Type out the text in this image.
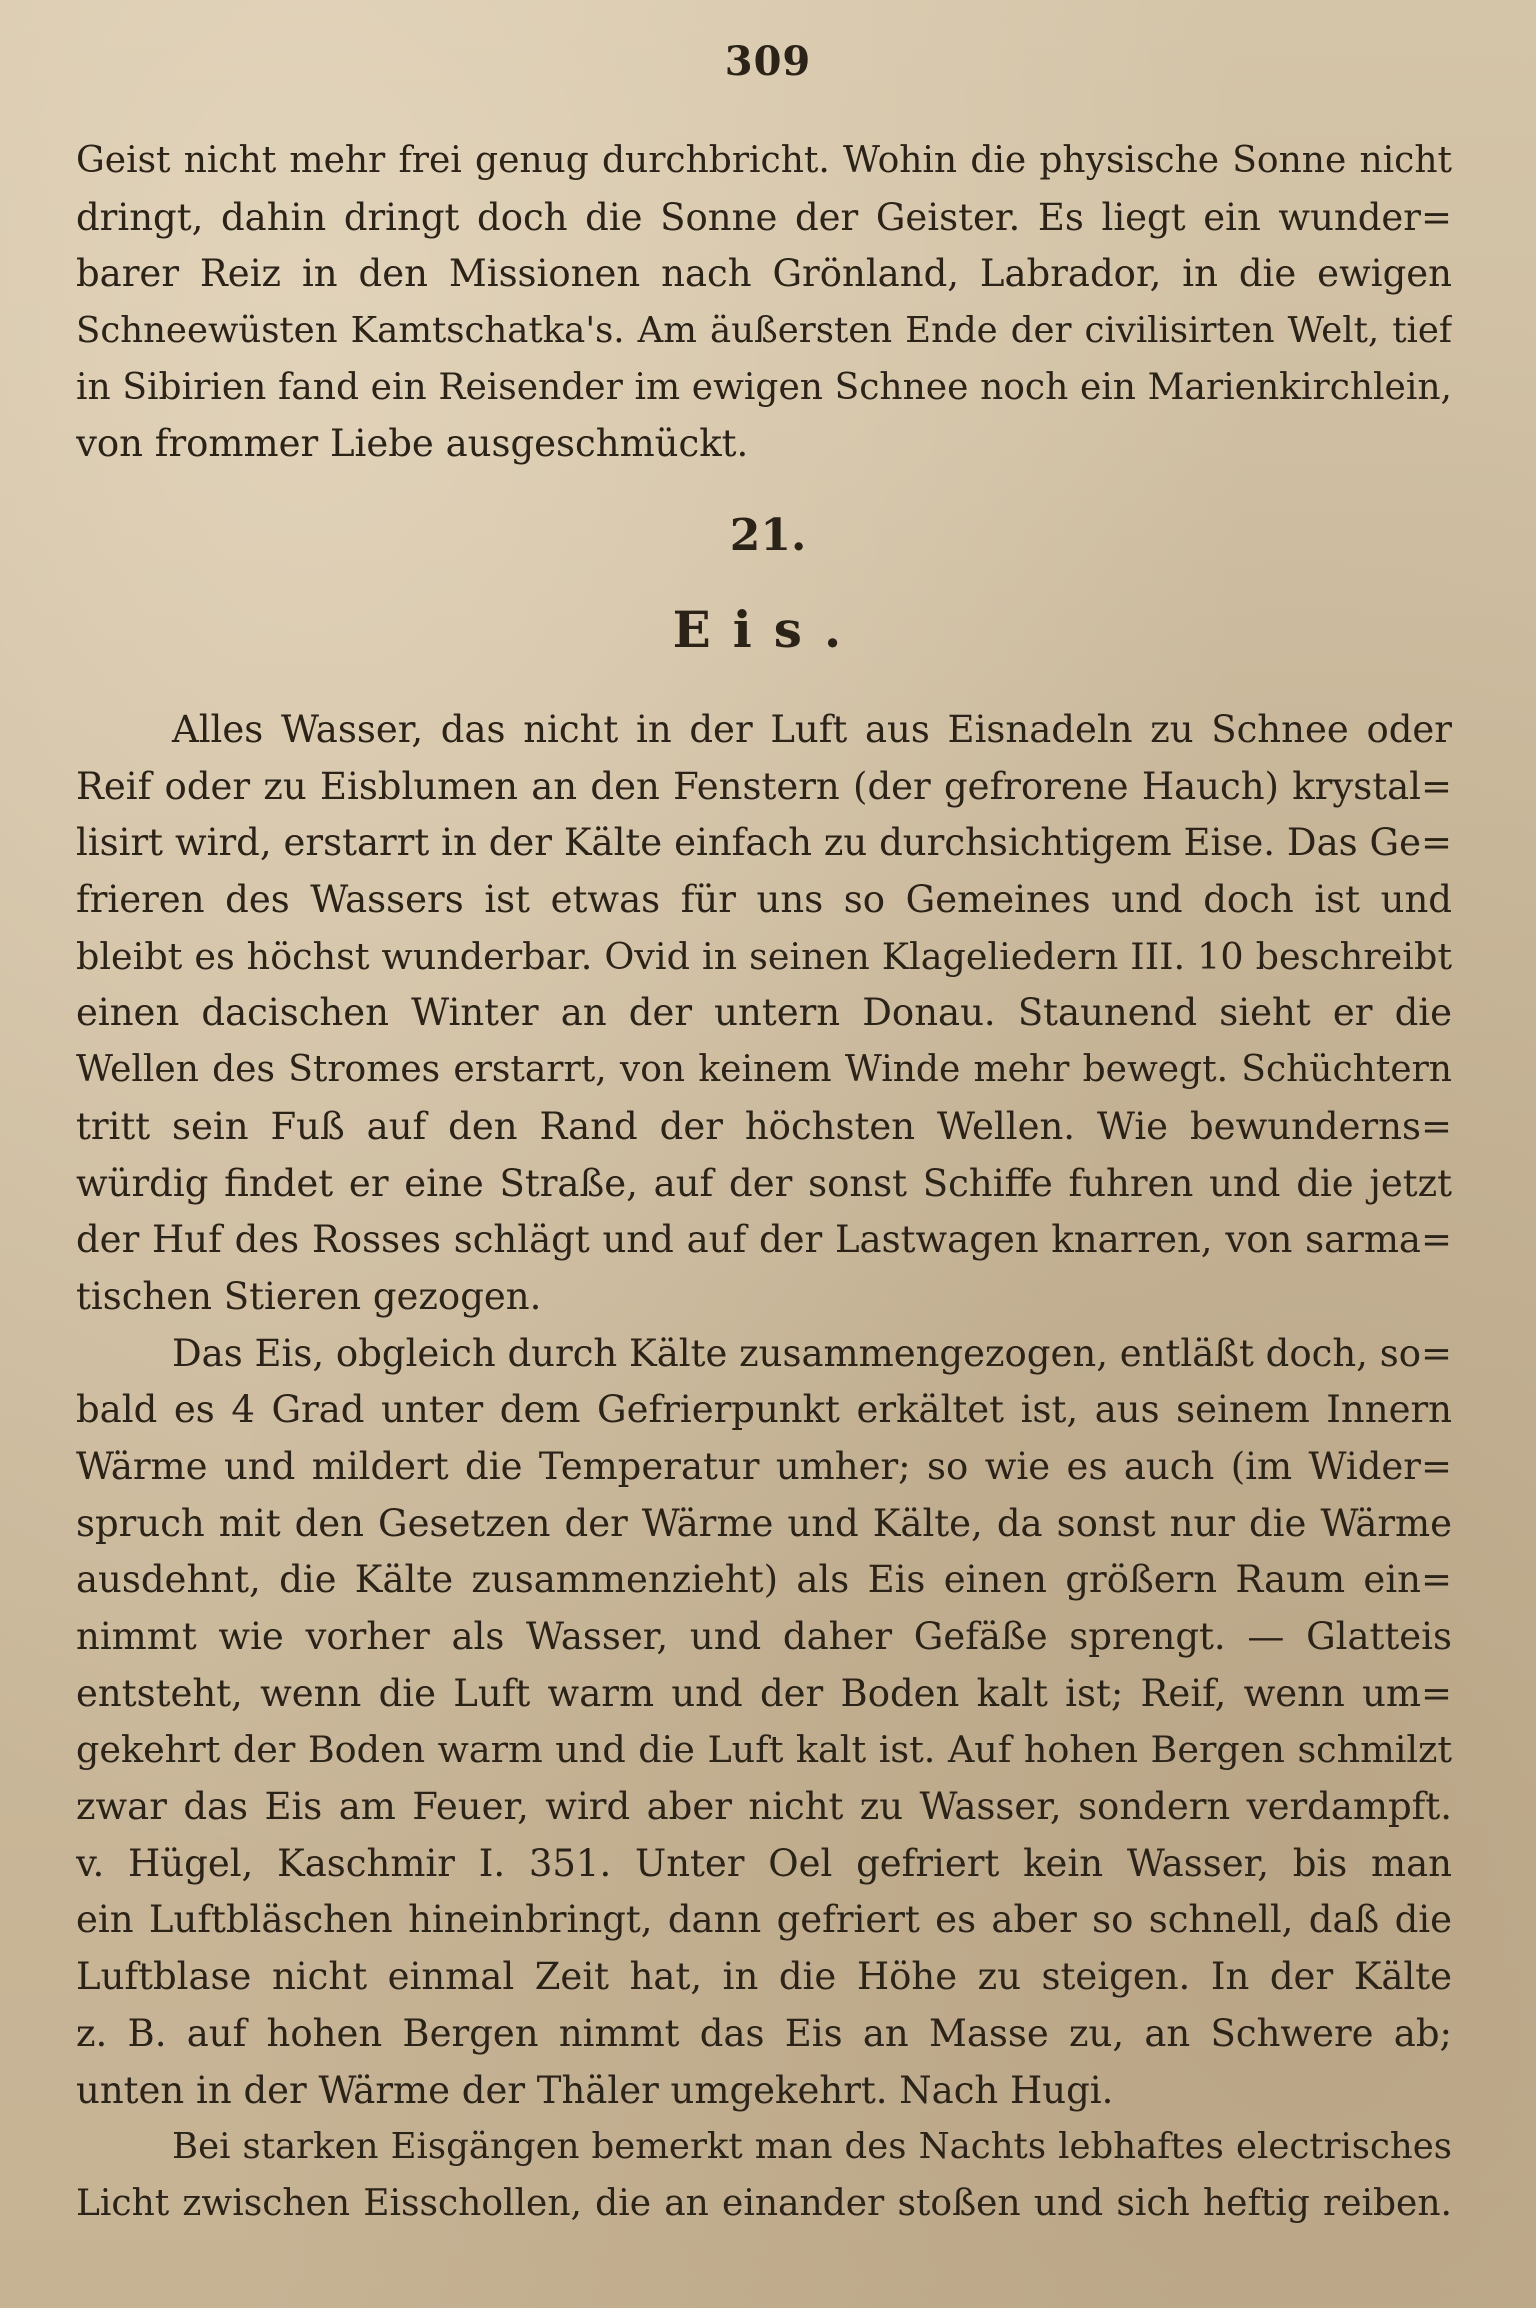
309
Geist nicht mehr frei genug durchbricht. Wohin die physische Sonne nicht
dringt, dahin dringt doch die Sonne der Geister. Es liegt ein wunder=
barer Reiz in den Missionen nach Grönland, Labrador, in die ewigen
Schneewüsten Kamtschatka's. Am äußersten Ende der civilisirten Welt, tief
in Sibirien fand ein Reisender im ewigen Schnee noch ein Marienkirchlein,
von frommer Liebe ausgeschmückt.
21.
Eis.
Alles Wasser, das nicht in der Luft aus Eisnadeln zu Schnee oder
Reif oder zu Eisblumen an den Fenstern (der gefrorene Hauch) krystal=
lisirt wird, erstarrt in der Kälte einfach zu durchsichtigem Eise. Das Ge=
frieren des Wassers ist etwas für uns so Gemeines und doch ist und
bleibt es höchst wunderbar. Ovid in seinen Klageliedern III. 10 beschreibt
einen dacischen Winter an der untern Donau. Staunend sieht er die
Wellen des Stromes erstarrt, von keinem Winde mehr bewegt. Schüchtern
tritt sein Fuß auf den Rand der höchsten Wellen. Wie bewunderns=
würdig findet er eine Straße, auf der sonst Schiffe fuhren und die jetzt
der Huf des Rosses schlägt und auf der Lastwagen knarren, von sarma=
tischen Stieren gezogen.
Das Eis, obgleich durch Kälte zusammengezogen, entläßt doch, so=
bald es 4 Grad unter dem Gefrierpunkt erkältet ist, aus seinem Innern
Wärme und mildert die Temperatur umher; so wie es auch (im Wider=
spruch mit den Gesetzen der Wärme und Kälte, da sonst nur die Wärme
ausdehnt, die Kälte zusammenzieht) als Eis einen größern Raum ein=
nimmt wie vorher als Wasser, und daher Gefäße sprengt. — Glatteis
entsteht, wenn die Luft warm und der Boden kalt ist; Reif, wenn um=
gekehrt der Boden warm und die Luft kalt ist. Auf hohen Bergen schmilzt
zwar das Eis am Feuer, wird aber nicht zu Wasser, sondern verdampft.
v. Hügel, Kaschmir I. 351. Unter Oel gefriert kein Wasser, bis man
ein Luftbläschen hineinbringt, dann gefriert es aber so schnell, daß die
Luftblase nicht einmal Zeit hat, in die Höhe zu steigen. In der Kälte
z. B. auf hohen Bergen nimmt das Eis an Masse zu, an Schwere ab;
unten in der Wärme der Thäler umgekehrt. Nach Hugi.
Bei starken Eisgängen bemerkt man des Nachts lebhaftes electrisches
Licht zwischen Eisschollen, die an einander stoßen und sich heftig reiben.
